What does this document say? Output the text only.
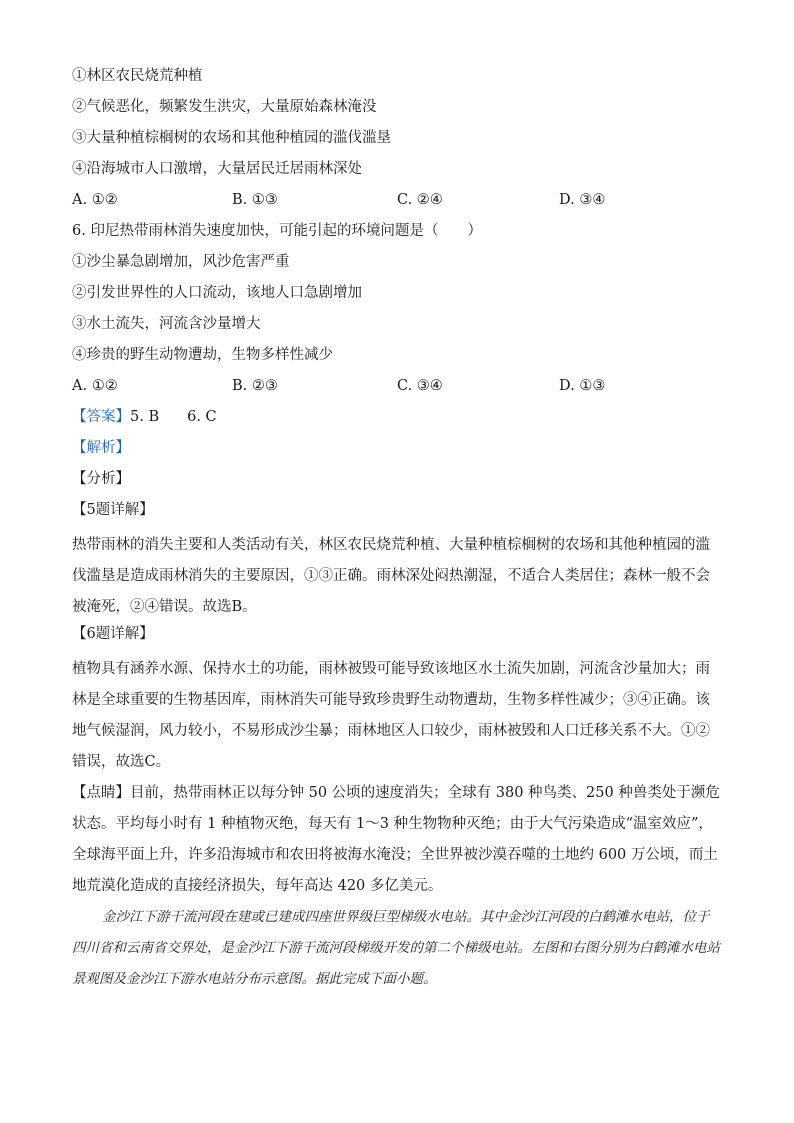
①林区农民烧荒种植
②气候恶化，频繁发生洪灾，大量原始森林淹没
③大量种植棕榈树的农场和其他种植园的滥伐滥垦
④沿海城市人口激增，大量居民迁居雨林深处
A. ①②	B. ①③	C. ②④	D. ③④
6. 印尼热带雨林消失速度加快，可能引起的环境问题是（　　）
①沙尘暴急剧增加，风沙危害严重
②引发世界性的人口流动，该地人口急剧增加
③水土流失，河流含沙量增大
④珍贵的野生动物遭劫，生物多样性减少
A. ①②	B. ②③	C. ③④	D. ①③
【答案】5. B 6. C
【解析】
【分析】
【5题详解】
热带雨林的消失主要和人类活动有关，林区农民烧荒种植、大量种植棕榈树的农场和其他种植园的滥伐滥垦是造成雨林消失的主要原因，①③正确。雨林深处闷热潮湿，不适合人类居住；森林一般不会被淹死，②④错误。故选B。
【6题详解】
植物具有涵养水源、保持水土的功能，雨林被毁可能导致该地区水土流失加剧，河流含沙量加大；雨林是全球重要的生物基因库，雨林消失可能导致珍贵野生动物遭劫，生物多样性减少；③④正确。该地气候湿润，风力较小，不易形成沙尘暴；雨林地区人口较少，雨林被毁和人口迁移关系不大。①②错误，故选C。
【点睛】目前，热带雨林正以每分钟 50 公顷的速度消失；全球有 380 种鸟类、250 种兽类处于濒危状态。平均每小时有 1 种植物灭绝，每天有 1～3 种生物物种灭绝；由于大气污染造成“温室效应”，全球海平面上升，许多沿海城市和农田将被海水淹没；全世界被沙漠吞噬的土地约 600 万公顷，而土地荒漠化造成的直接经济损失，每年高达 420 多亿美元。
金沙江下游干流河段在建或已建成四座世界级巨型梯级水电站。其中金沙江河段的白鹤滩水电站，位于四川省和云南省交界处，是金沙江下游干流河段梯级开发的第二个梯级电站。左图和右图分别为白鹤滩水电站景观图及金沙江下游水电站分布示意图。据此完成下面小题。
